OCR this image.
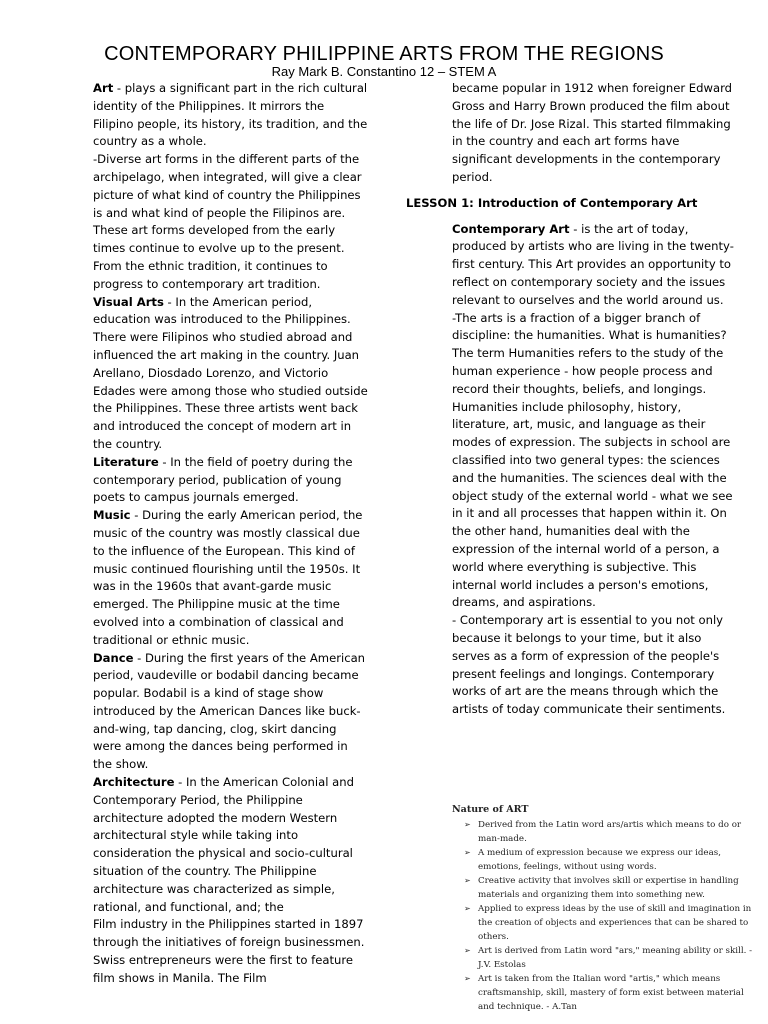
CONTEMPORARY PHILIPPINE ARTS FROM THE REGIONS
Ray Mark B. Constantino 12 – STEM A

Art - plays a significant part in the rich cultural identity of the Philippines. It mirrors the Filipino people, its history, its tradition, and the country as a whole.

-Diverse art forms in the different parts of the archipelago, when integrated, will give a clear picture of what kind of country the Philippines is and what kind of people the Filipinos are. These art forms developed from the early times continue to evolve up to the present. From the ethnic tradition, it continues to progress to contemporary art tradition.

Visual Arts - In the American period, education was introduced to the Philippines. There were Filipinos who studied abroad and influenced the art making in the country. Juan Arellano, Diosdado Lorenzo, and Victorio Edades were among those who studied outside the Philippines. These three artists went back and introduced the concept of modern art in the country.

Literature - In the field of poetry during the contemporary period, publication of young poets to campus journals emerged.

Music - During the early American period, the music of the country was mostly classical due to the influence of the European. This kind of music continued flourishing until the 1950s. It was in the 1960s that avant-garde music emerged. The Philippine music at the time evolved into a combination of classical and traditional or ethnic music.

Dance - During the first years of the American period, vaudeville or bodabil dancing became popular. Bodabil is a kind of stage show introduced by the American Dances like buck-and-wing, tap dancing, clog, skirt dancing were among the dances being performed in the show.

Architecture - In the American Colonial and Contemporary Period, the Philippine architecture adopted the modern Western architectural style while taking into consideration the physical and socio-cultural situation of the country. The Philippine architecture was characterized as simple, rational, and functional, and; the

Film industry in the Philippines started in 1897 through the initiatives of foreign businessmen. Swiss entrepreneurs were the first to feature film shows in Manila. The Film

became popular in 1912 when foreigner Edward Gross and Harry Brown produced the film about the life of Dr. Jose Rizal. This started filmmaking in the country and each art forms have significant developments in the contemporary period.

LESSON 1: Introduction of Contemporary Art

Contemporary Art - is the art of today, produced by artists who are living in the twenty-first century. This Art provides an opportunity to reflect on contemporary society and the issues relevant to ourselves and the world around us.

-The arts is a fraction of a bigger branch of discipline: the humanities. What is humanities?

The term Humanities refers to the study of the human experience - how people process and record their thoughts, beliefs, and longings. Humanities include philosophy, history, literature, art, music, and language as their modes of expression. The subjects in school are classified into two general types: the sciences and the humanities. The sciences deal with the object study of the external world - what we see in it and all processes that happen within it. On the other hand, humanities deal with the expression of the internal world of a person, a world where everything is subjective. This internal world includes a person's emotions, dreams, and aspirations.

- Contemporary art is essential to you not only because it belongs to your time, but it also serves as a form of expression of the people's present feelings and longings. Contemporary works of art are the means through which the artists of today communicate their sentiments.

Nature of ART
➢ Derived from the Latin word ars/artis which means to do or man-made.
➢ A medium of expression because we express our ideas, emotions, feelings, without using words.
➢ Creative activity that involves skill or expertise in handling materials and organizing them into something new.
➢ Applied to express ideas by the use of skill and imagination in the creation of objects and experiences that can be shared to others.
➢ Art is derived from Latin word "ars," meaning ability or skill. -J.V. Estolas
➢ Art is taken from the Italian word "artis," which means craftsmanship, skill, mastery of form exist between material and technique. - A.Tan
